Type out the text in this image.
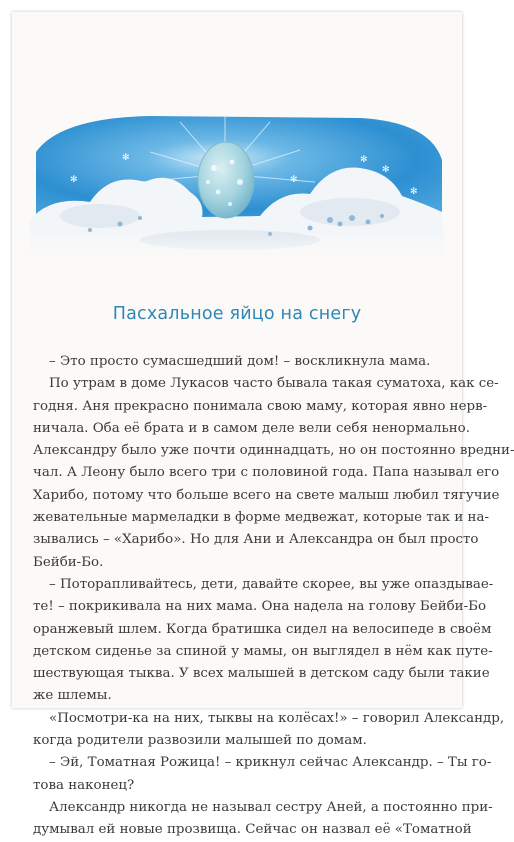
✻	✻
✻
✻
✻
✻
Пасхальное яйцо на снегу
– Это просто сумасшедший дом! – воскликнула мама.
По утрам в доме Лукасов часто бывала такая суматоха, как се-
годня. Аня прекрасно понимала свою маму, которая явно нерв-
ничала. Оба её брата и в самом деле вели себя ненормально.
Александру было уже почти одиннадцать, но он постоянно вредни-
чал. А Леону было всего три с половиной года. Папа называл его
Харибо, потому что больше всего на свете малыш любил тягучие
жевательные мармеладки в форме медвежат, которые так и на-
зывались – «Харибо». Но для Ани и Александра он был просто
Бейби-Бо.
– Поторапливайтесь, дети, давайте скорее, вы уже опаздывае-
те! – покрикивала на них мама. Она надела на голову Бейби-Бо
оранжевый шлем. Когда братишка сидел на велосипеде в своём
детском сиденье за спиной у мамы, он выглядел в нём как путе-
шествующая тыква. У всех малышей в детском саду были такие
же шлемы.
«Посмотри-ка на них, тыквы на колёсах!» – говорил Александр,
когда родители развозили малышей по домам.
– Эй, Томатная Рожица! – крикнул сейчас Александр. – Ты го-
това наконец?
Александр никогда не называл сестру Аней, а постоянно при-
думывал ей новые прозвища. Сейчас он назвал её «Томатной
